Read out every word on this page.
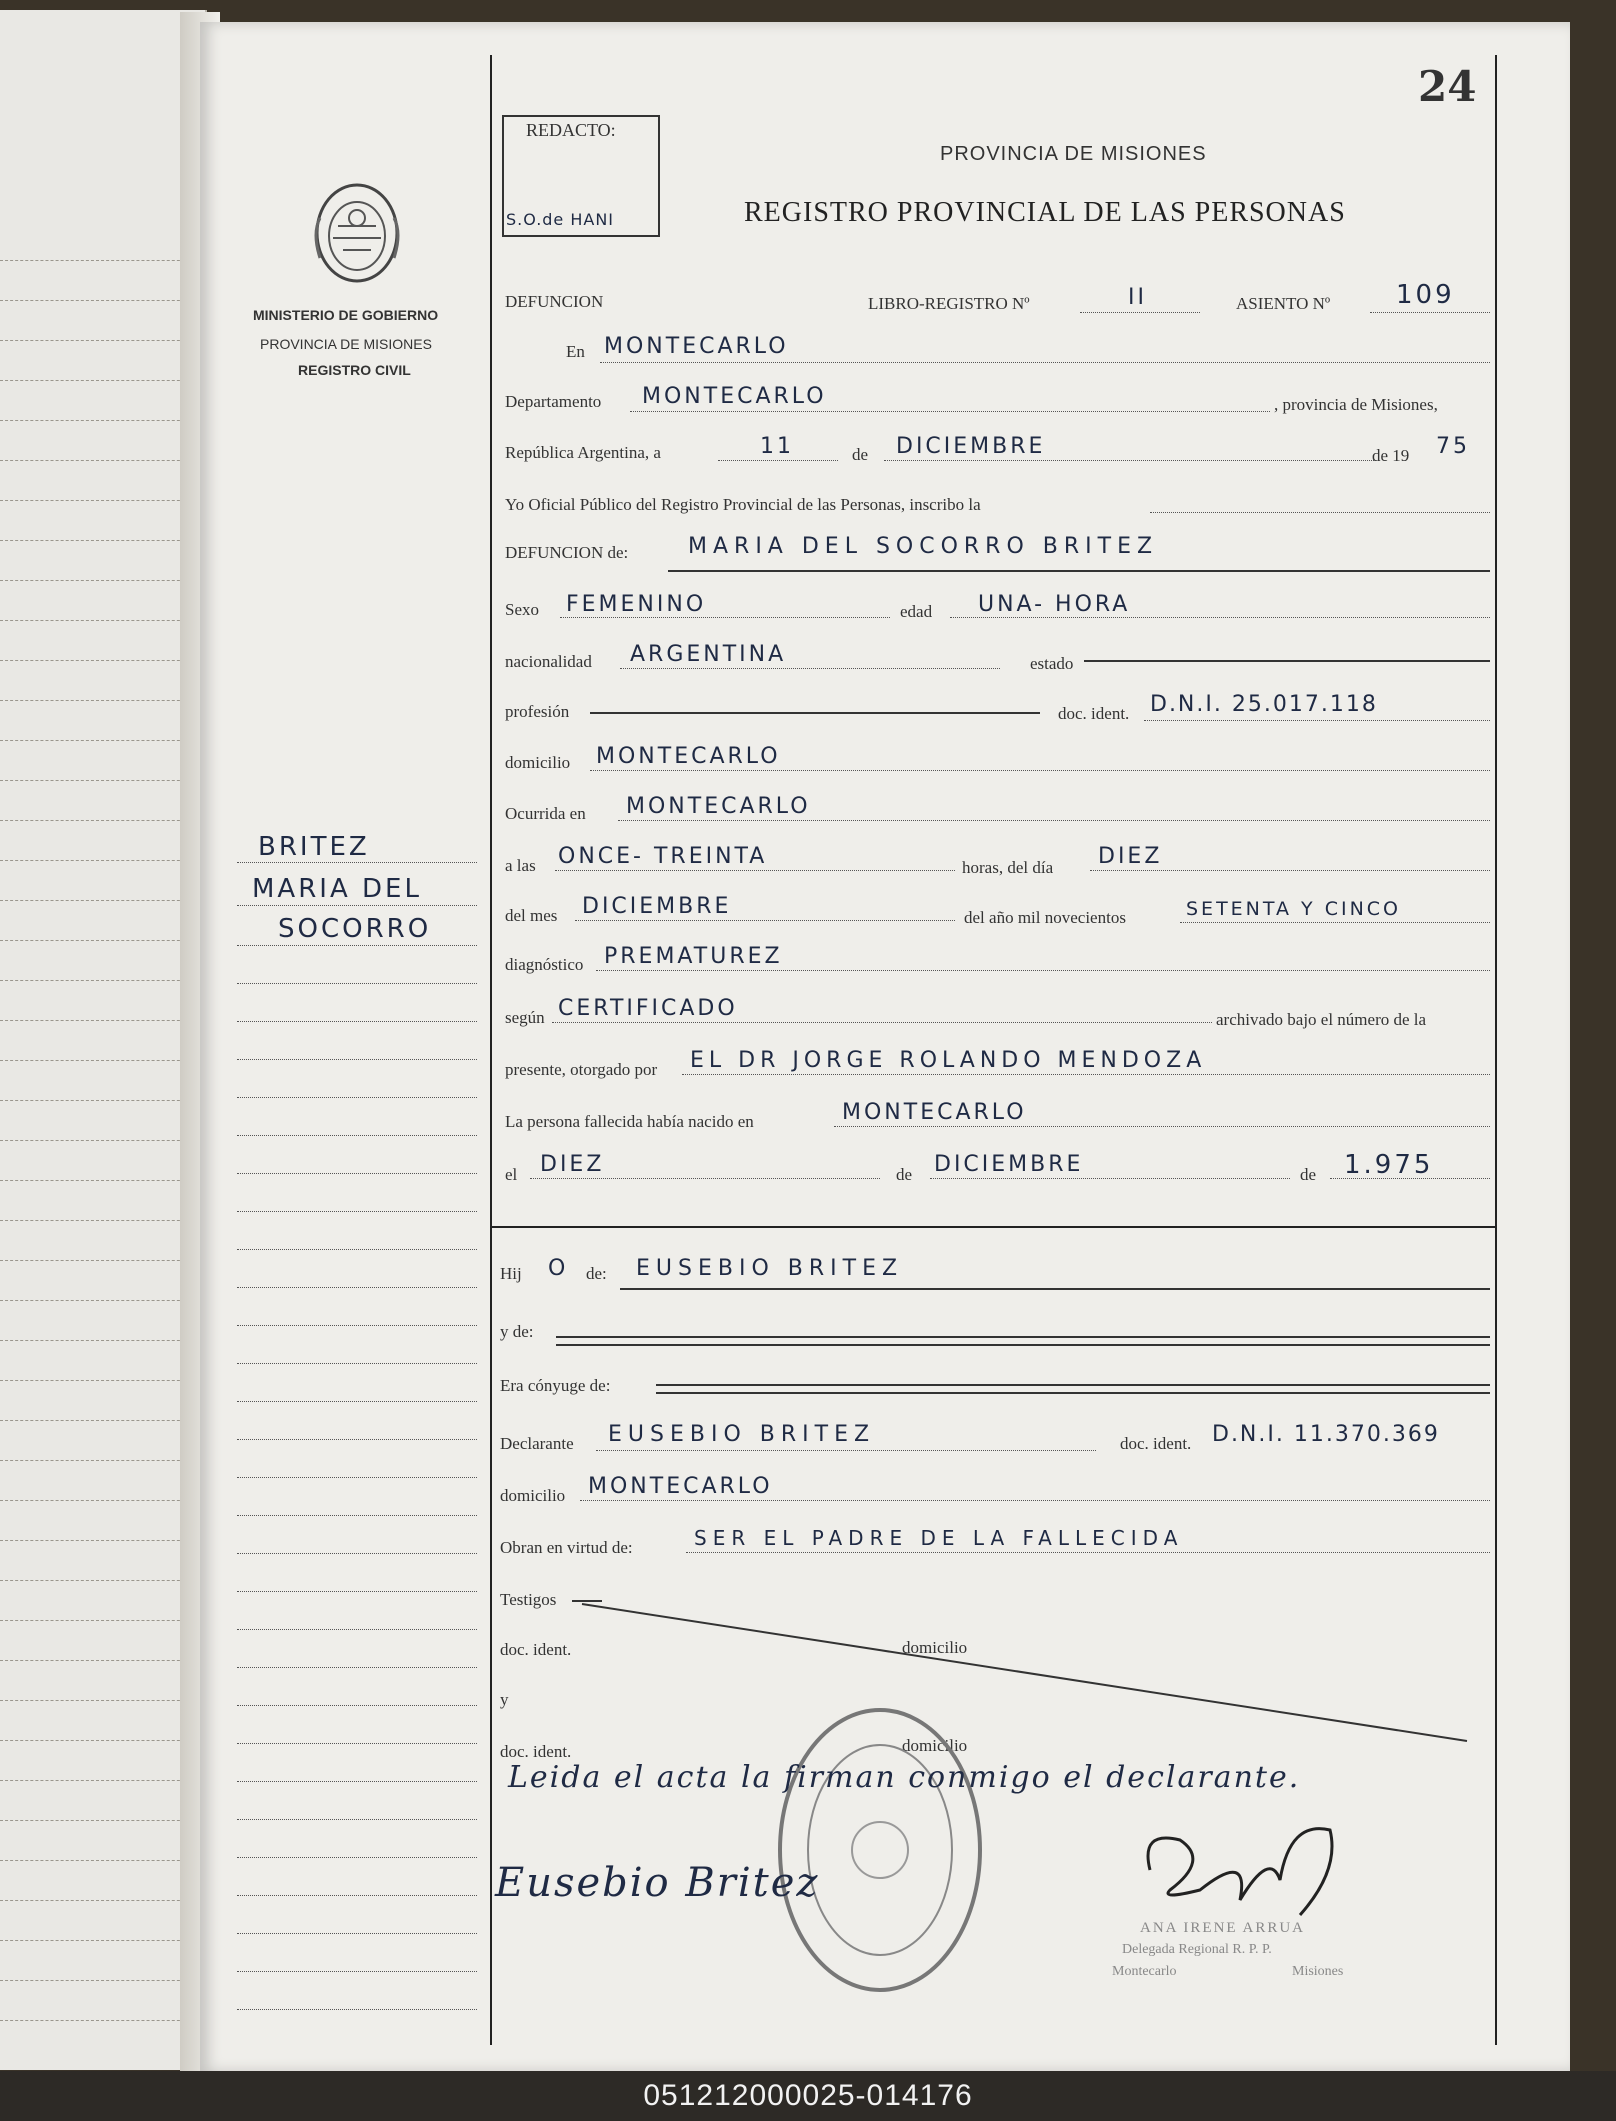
24
REDACTO:
S.O.de HANI
PROVINCIA DE MISIONES
REGISTRO PROVINCIAL DE LAS PERSONAS
MINISTERIO DE GOBIERNO
PROVINCIA DE MISIONES
REGISTRO CIVIL
BRITEZ
MARIA DEL
SOCORRO
DEFUNCION	LIBRO-REGISTRO Nº	II	ASIENTO Nº	109
En MONTECARLO
Departamento MONTECARLO	, provincia de Misiones,
República Argentina, a	11	de DICIEMBRE	de 19 75
Yo Oficial Público del Registro Provincial de las Personas, inscribo la
DEFUNCION de:	MARIA DEL SOCORRO BRITEZ
Sexo FEMENINO	edad UNA- HORA
nacionalidad ARGENTINA	estado
profesión	doc. ident. D.N.I. 25.017.118
domicilio MONTECARLO
Ocurrida en MONTECARLO
a las ONCE- TREINTA	horas, del día DIEZ
del mes DICIEMBRE	del año mil novecientos	SETENTA Y CINCO
diagnóstico PREMATUREZ
según CERTIFICADO	archivado bajo el número de la
presente, otorgado por EL DR JORGE ROLANDO MENDOZA
La persona fallecida había nacido en	MONTECARLO
el DIEZ	de DICIEMBRE	de 1.975
Hij O de: EUSEBIO BRITEZ
y de:
Era cónyuge de:
Declarante EUSEBIO BRITEZ	doc. ident. D.N.I. 11.370.369
domicilio MONTECARLO
Obran en virtud de:	SER EL PADRE DE LA FALLECIDA
Testigos
doc. ident.	domicilio
y
doc. ident.	domicilio
Leida el acta la firman conmigo el declarante.
Eusebio Britez
ANA IRENE ARRUA
Delegada Regional R. P. P.
Montecarlo	Misiones
051212000025-014176
